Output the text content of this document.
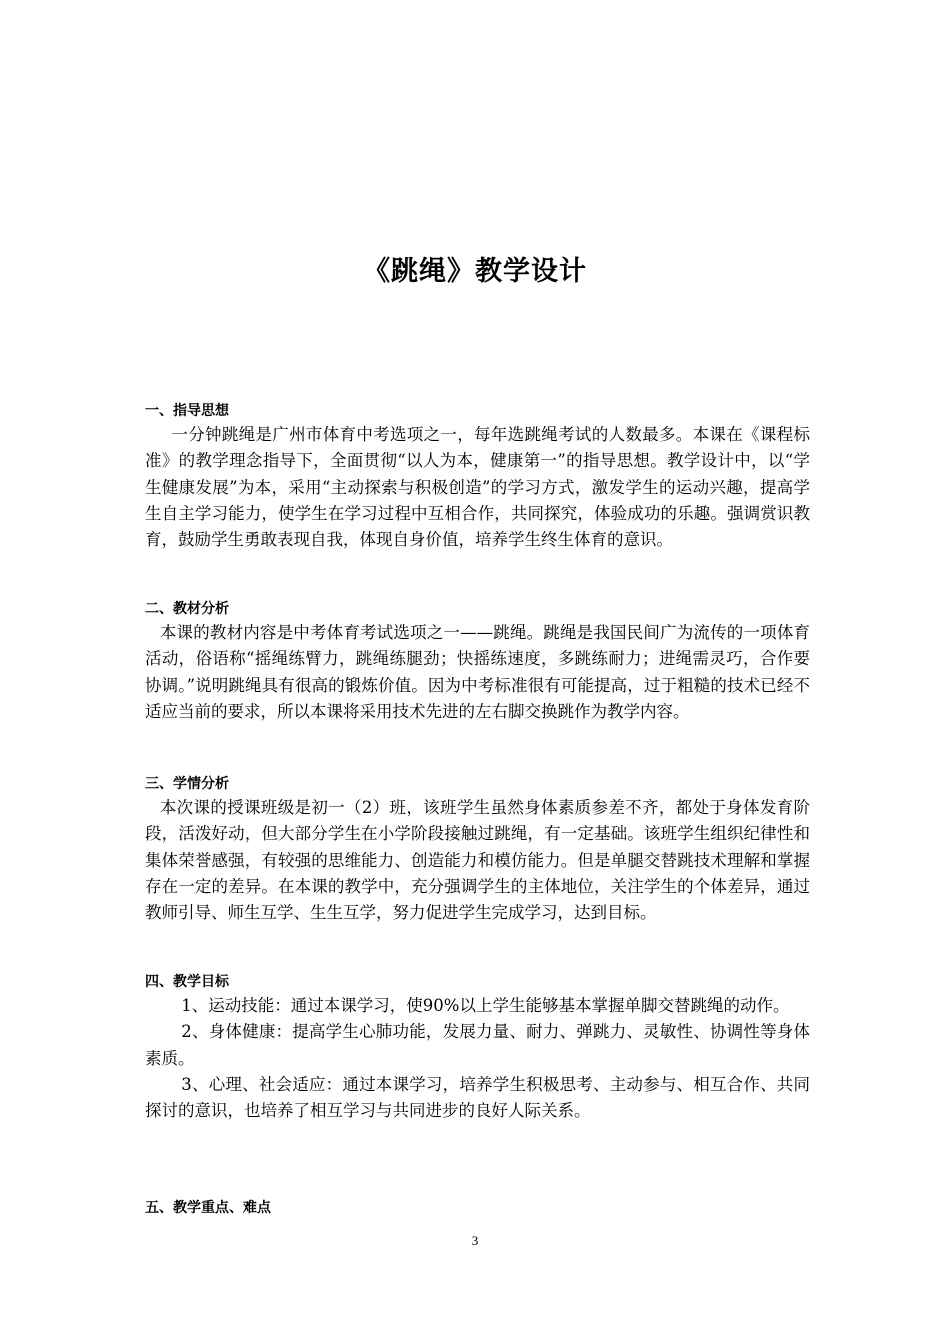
《跳绳》教学设计

一、指导思想

一分钟跳绳是广州市体育中考选项之一，每年选跳绳考试的人数最多。本课在《课程标准》的教学理念指导下，全面贯彻“以人为本，健康第一”的指导思想。教学设计中，以“学生健康发展”为本，采用“主动探索与积极创造”的学习方式，激发学生的运动兴趣，提高学生自主学习能力，使学生在学习过程中互相合作，共同探究，体验成功的乐趣。强调赏识教育，鼓励学生勇敢表现自我，体现自身价值，培养学生终生体育的意识。

二、教材分析

本课的教材内容是中考体育考试选项之一——跳绳。跳绳是我国民间广为流传的一项体育活动，俗语称“摇绳练臂力，跳绳练腿劲；快摇练速度，多跳练耐力；进绳需灵巧，合作要协调。”说明跳绳具有很高的锻炼价值。因为中考标准很有可能提高，过于粗糙的技术已经不适应当前的要求，所以本课将采用技术先进的左右脚交换跳作为教学内容。

三、学情分析

本次课的授课班级是初一（2）班，该班学生虽然身体素质参差不齐，都处于身体发育阶段，活泼好动，但大部分学生在小学阶段接触过跳绳，有一定基础。该班学生组织纪律性和集体荣誉感强，有较强的思维能力、创造能力和模仿能力。但是单腿交替跳技术理解和掌握存在一定的差异。在本课的教学中，充分强调学生的主体地位，关注学生的个体差异，通过教师引导、师生互学、生生互学，努力促进学生完成学习，达到目标。

四、教学目标

1、运动技能：通过本课学习，使90%以上学生能够基本掌握单脚交替跳绳的动作。

2、身体健康：提高学生心肺功能，发展力量、耐力、弹跳力、灵敏性、协调性等身体素质。

3、心理、社会适应：通过本课学习，培养学生积极思考、主动参与、相互合作、共同探讨的意识，也培养了相互学习与共同进步的良好人际关系。

五、教学重点、难点

3
